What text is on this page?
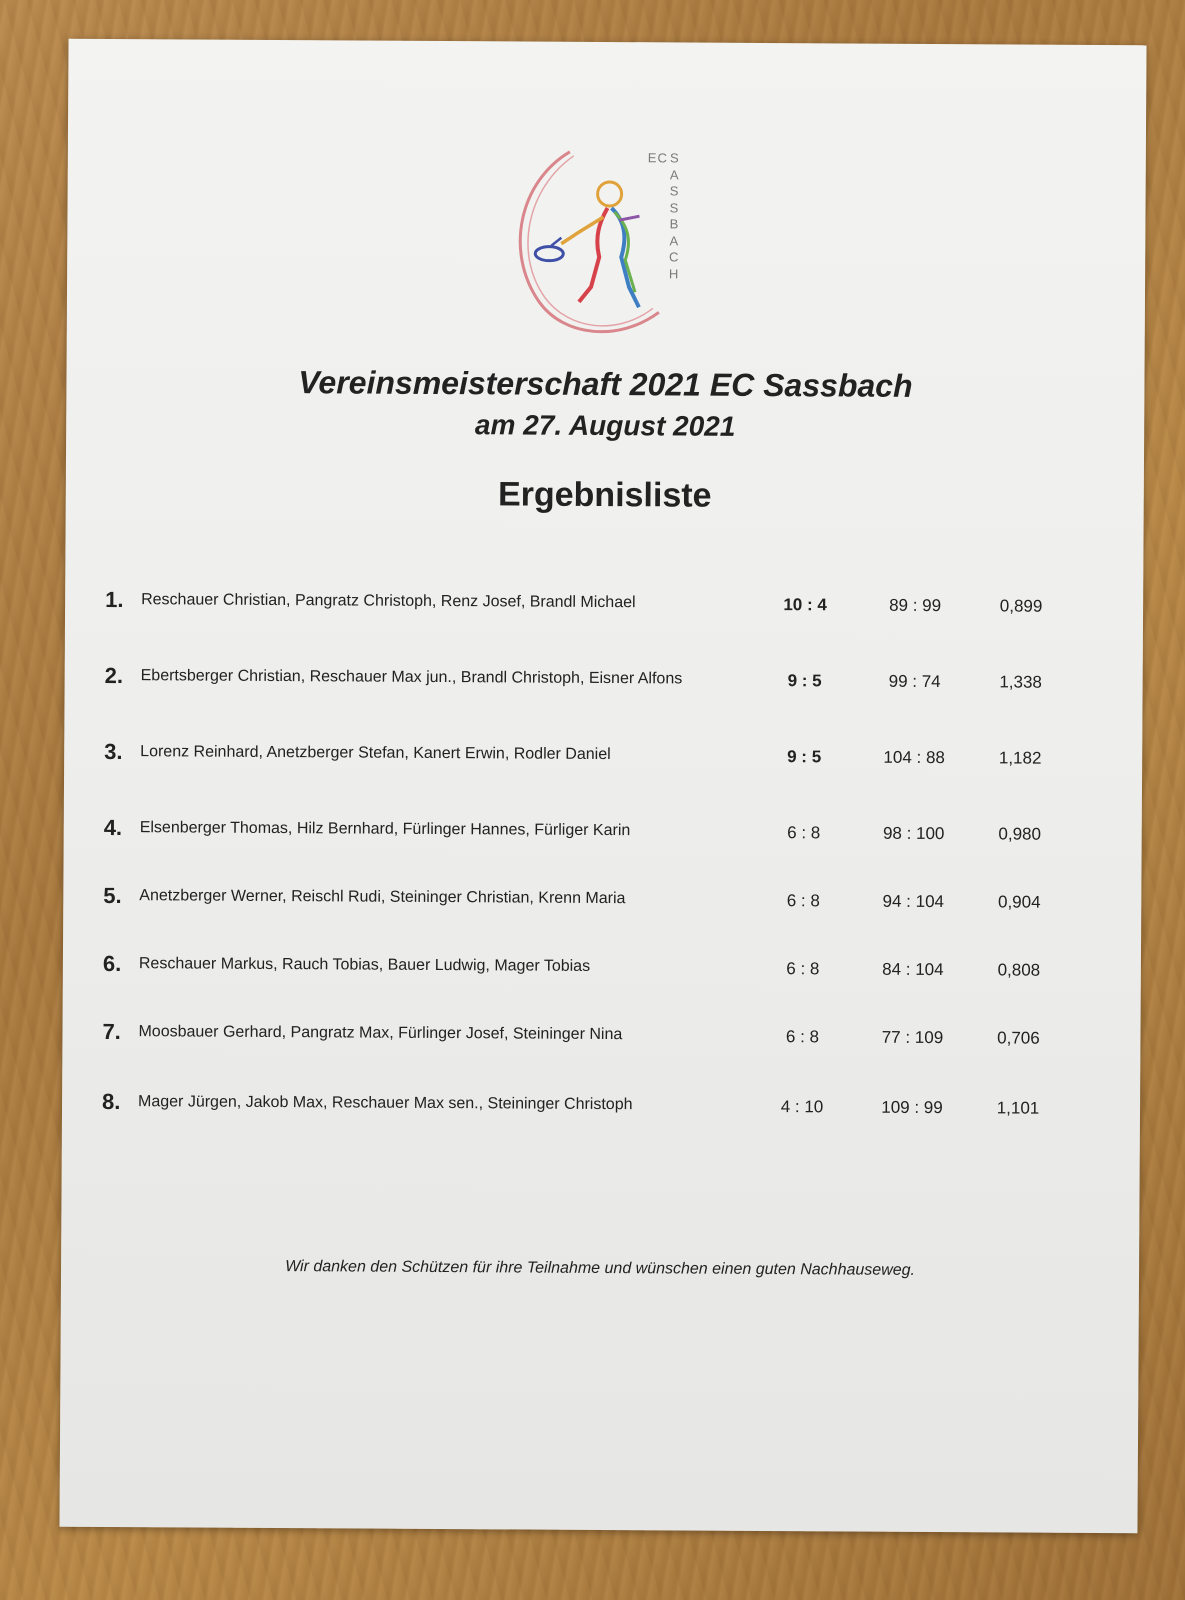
EC SASSBACH
Vereinsmeisterschaft 2021 EC Sassbach
am 27. August 2021
Ergebnisliste
1. Reschauer Christian, Pangratz Christoph, Renz Josef, Brandl Michael	10 : 4	89 : 99	0,899
2. Ebertsberger Christian, Reschauer Max jun., Brandl Christoph, Eisner Alfons	9 : 5	99 : 74	1,338
3. Lorenz Reinhard, Anetzberger Stefan, Kanert Erwin, Rodler Daniel	9 : 5	104 : 88	1,182
4. Elsenberger Thomas, Hilz Bernhard, Fürlinger Hannes, Fürliger Karin	6 : 8	98 : 100	0,980
5. Anetzberger Werner, Reischl Rudi, Steininger Christian, Krenn Maria	6 : 8	94 : 104	0,904
6. Reschauer Markus, Rauch Tobias, Bauer Ludwig, Mager Tobias	6 : 8	84 : 104	0,808
7. Moosbauer Gerhard, Pangratz Max, Fürlinger Josef, Steininger Nina	6 : 8	77 : 109	0,706
8. Mager Jürgen, Jakob Max, Reschauer Max sen., Steininger Christoph	4 : 10	109 : 99	1,101
Wir danken den Schützen für ihre Teilnahme und wünschen einen guten Nachhauseweg.
